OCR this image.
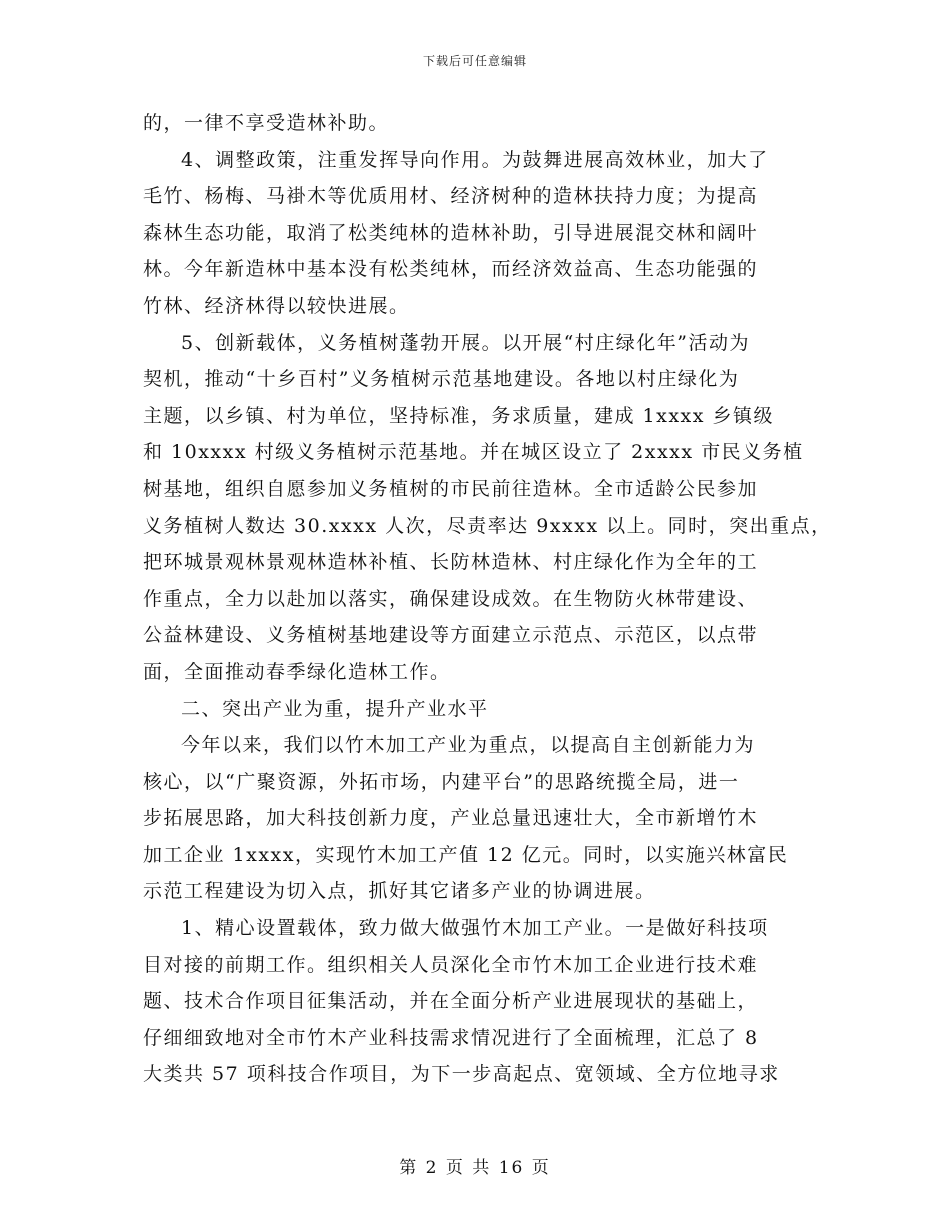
下载后可任意编辑
的，一律不享受造林补助。
4、调整政策，注重发挥导向作用。为鼓舞进展高效林业，加大了
毛竹、杨梅、马褂木等优质用材、经济树种的造林扶持力度；为提高
森林生态功能，取消了松类纯林的造林补助，引导进展混交林和阔叶
林。今年新造林中基本没有松类纯林，而经济效益高、生态功能强的
竹林、经济林得以较快进展。
5、创新载体，义务植树蓬勃开展。以开展“村庄绿化年”活动为
契机，推动“十乡百村”义务植树示范基地建设。各地以村庄绿化为
主题，以乡镇、村为单位，坚持标准，务求质量，建成 1xxxx 乡镇级
和 10xxxx 村级义务植树示范基地。并在城区设立了 2xxxx 市民义务植
树基地，组织自愿参加义务植树的市民前往造林。全市适龄公民参加
义务植树人数达 30.xxxx 人次，尽责率达 9xxxx 以上。同时，突出重点，
把环城景观林景观林造林补植、长防林造林、村庄绿化作为全年的工
作重点，全力以赴加以落实，确保建设成效。在生物防火林带建设、
公益林建设、义务植树基地建设等方面建立示范点、示范区，以点带
面，全面推动春季绿化造林工作。
二、突出产业为重，提升产业水平
今年以来，我们以竹木加工产业为重点，以提高自主创新能力为
核心，以“广聚资源，外拓市场，内建平台”的思路统揽全局，进一
步拓展思路，加大科技创新力度，产业总量迅速壮大，全市新增竹木
加工企业 1xxxx，实现竹木加工产值 12 亿元。同时，以实施兴林富民
示范工程建设为切入点，抓好其它诸多产业的协调进展。
1、精心设置载体，致力做大做强竹木加工产业。一是做好科技项
目对接的前期工作。组织相关人员深化全市竹木加工企业进行技术难
题、技术合作项目征集活动，并在全面分析产业进展现状的基础上，
仔细细致地对全市竹木产业科技需求情况进行了全面梳理，汇总了 8
大类共 57 项科技合作项目，为下一步高起点、宽领域、全方位地寻求
第 2 页 共 16 页
